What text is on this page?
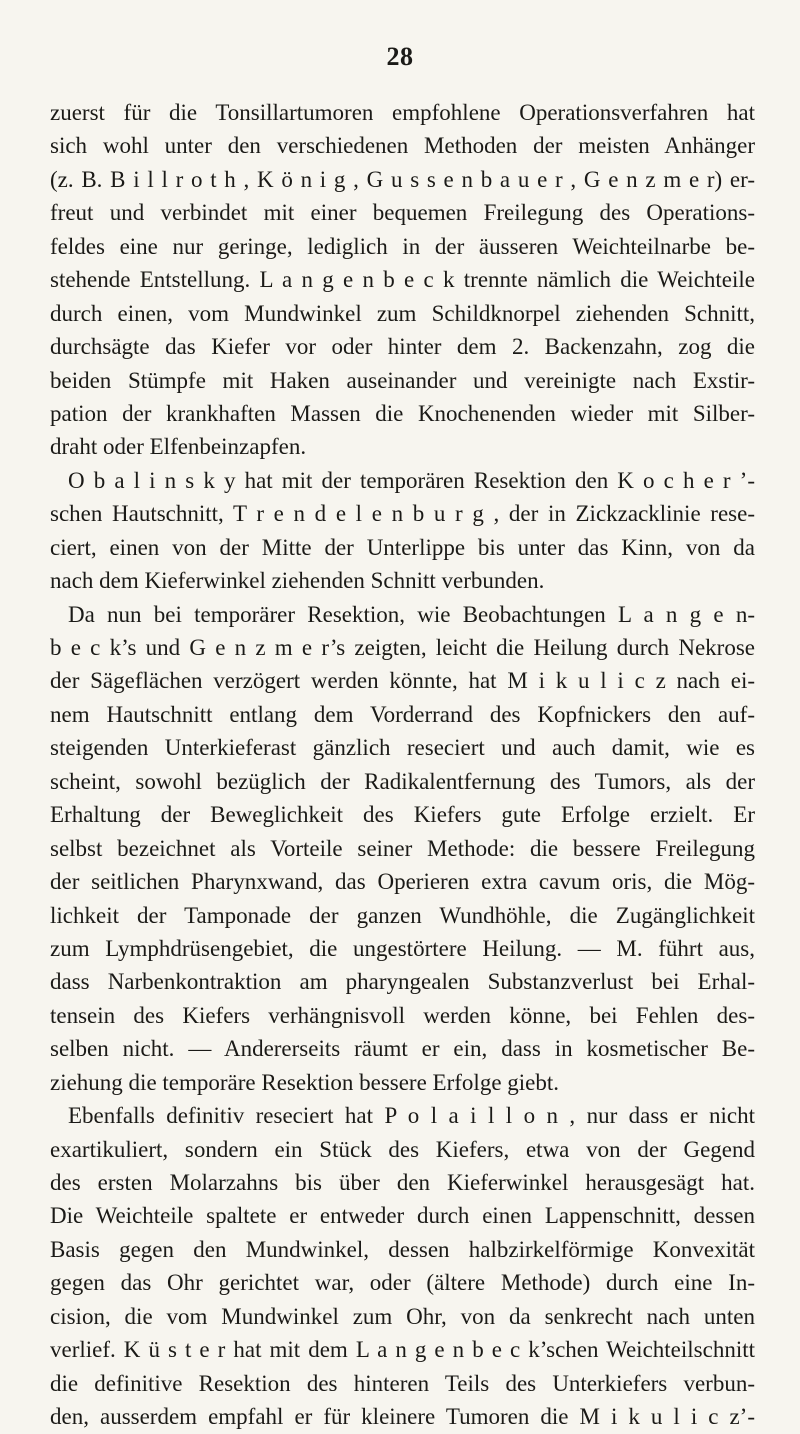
28
zuerst für die Tonsillartumoren empfohlene Operationsverfahren hat
sich wohl unter den verschiedenen Methoden der meisten Anhänger
(z. B. B i l l r o t h , K ö n i g , G u s s e n b a u e r , G e n z m e r) er-
freut und verbindet mit einer bequemen Freilegung des Operations-
feldes eine nur geringe, lediglich in der äusseren Weichteilnarbe be-
stehende Entstellung. L a n g e n b e c k trennte nämlich die Weichteile
durch einen, vom Mundwinkel zum Schildknorpel ziehenden Schnitt,
durchsägte das Kiefer vor oder hinter dem 2. Backenzahn, zog die
beiden Stümpfe mit Haken auseinander und vereinigte nach Exstir-
pation der krankhaften Massen die Knochenenden wieder mit Silber-
draht oder Elfenbeinzapfen.
O b a l i n s k y hat mit der temporären Resektion den K o c h e r ’-
schen Hautschnitt, T r e n d e l e n b u r g , der in Zickzacklinie rese-
ciert, einen von der Mitte der Unterlippe bis unter das Kinn, von da
nach dem Kieferwinkel ziehenden Schnitt verbunden.
Da nun bei temporärer Resektion, wie Beobachtungen L a n g e n-
b e c k’s und G e n z m e r’s zeigten, leicht die Heilung durch Nekrose
der Sägeflächen verzögert werden könnte, hat M i k u l i c z nach ei-
nem Hautschnitt entlang dem Vorderrand des Kopfnickers den auf-
steigenden Unterkieferast gänzlich reseciert und auch damit, wie es
scheint, sowohl bezüglich der Radikalentfernung des Tumors, als der
Erhaltung der Beweglichkeit des Kiefers gute Erfolge erzielt. Er
selbst bezeichnet als Vorteile seiner Methode: die bessere Freilegung
der seitlichen Pharynxwand, das Operieren extra cavum oris, die Mög-
lichkeit der Tamponade der ganzen Wundhöhle, die Zugänglichkeit
zum Lymphdrüsengebiet, die ungestörtere Heilung. — M. führt aus,
dass Narbenkontraktion am pharyngealen Substanzverlust bei Erhal-
tensein des Kiefers verhängnisvoll werden könne, bei Fehlen des-
selben nicht. — Andererseits räumt er ein, dass in kosmetischer Be-
ziehung die temporäre Resektion bessere Erfolge giebt.
Ebenfalls definitiv reseciert hat P o l a i l l o n , nur dass er nicht
exartikuliert, sondern ein Stück des Kiefers, etwa von der Gegend
des ersten Molarzahns bis über den Kieferwinkel herausgesägt hat.
Die Weichteile spaltete er entweder durch einen Lappenschnitt, dessen
Basis gegen den Mundwinkel, dessen halbzirkelförmige Konvexität
gegen das Ohr gerichtet war, oder (ältere Methode) durch eine In-
cision, die vom Mundwinkel zum Ohr, von da senkrecht nach unten
verlief. K ü s t e r hat mit dem L a n g e n b e c k’schen Weichteilschnitt
die definitive Resektion des hinteren Teils des Unterkiefers verbun-
den, ausserdem empfahl er für kleinere Tumoren die M i k u l i c z’-
